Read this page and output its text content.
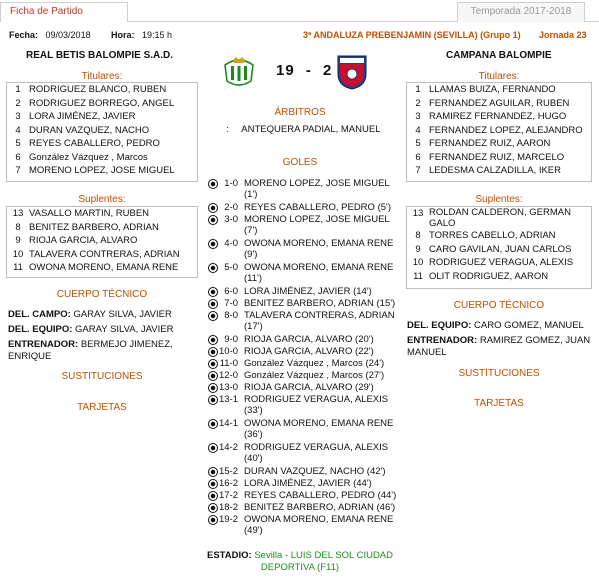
Ficha de Partido	Temporada 2017-2018
Fecha: 09/03/2018 Hora: 19:15 h	3ª ANDALUZA PREBENJAMIN (SEVILLA) (Grupo 1) Jornada 23
REAL BETIS BALOMPIE S.A.D.	CAMPANA BALOMPIE
19 - 2
Titulares:
1 RODRIGUEZ BLANCO, RUBEN
2 RODRIGUEZ BORREGO, ANGEL
3 LORA JIMÉNEZ, JAVIER
4 DURAN VAZQUEZ, NACHO
5 REYES CABALLERO, PEDRO
6 González Vázquez , Marcos
7 MORENO LOPEZ, JOSE MIGUEL
Suplentes:
13 VASALLO MARTIN, RUBEN
8 BENITEZ BARBERO, ADRIAN
9 RIOJA GARCIA, ALVARO
10 TALAVERA CONTRERAS, ADRIAN
11 OWONA MORENO, EMANA RENE
CUERPO TÉCNICO
DEL. CAMPO: GARAY SILVA, JAVIER
DEL. EQUIPO: GARAY SILVA, JAVIER
ENTRENADOR: BERMEJO JIMENEZ, ENRIQUE
SUSTITUCIONES
TARJETAS
ÁRBITROS
: ANTEQUERA PADIAL, MANUEL
GOLES
1-0 MORENO LOPEZ, JOSE MIGUEL
(1')
2-0 REYES CABALLERO, PEDRO (5')
3-0 MORENO LOPEZ, JOSE MIGUEL
(7')
4-0 OWONA MORENO, EMANA RENE
(9')
5-0 OWONA MORENO, EMANA RENE
(11')
6-0 LORA JIMÉNEZ, JAVIER (14')
7-0 BENITEZ BARBERO, ADRIAN (15')
8-0 TALAVERA CONTRERAS, ADRIAN
(17')
9-0 RIOJA GARCIA, ALVARO (20')
10-0 RIOJA GARCIA, ALVARO (22')
11-0 González Vázquez , Marcos (24')
12-0 González Vázquez , Marcos (27')
13-0 RIOJA GARCIA, ALVARO (29')
13-1 RODRIGUEZ VERAGUA, ALEXIS
(33')
14-1 OWONA MORENO, EMANA RENE
(36')
14-2 RODRIGUEZ VERAGUA, ALEXIS
(40')
15-2 DURAN VAZQUEZ, NACHO (42')
16-2 LORA JIMÉNEZ, JAVIER (44')
17-2 REYES CABALLERO, PEDRO (44')
18-2 BENITEZ BARBERO, ADRIAN (46')
19-2 OWONA MORENO, EMANA RENE
(49')
Titulares:
1 LLAMAS BUIZA, FERNANDO
2 FERNANDEZ AGUILAR, RUBEN
3 RAMIREZ FERNANDEZ, HUGO
4 FERNANDEZ LOPEZ, ALEJANDRO
5 FERNANDEZ RUIZ, AARON
6 FERNANDEZ RUIZ, MARCELO
7 LEDESMA CALZADILLA, IKER
Suplentes:
13 ROLDAN CALDERON, GERMAN GALO
8 TORRES CABELLO, ADRIAN
9 CARO GAVILAN, JUAN CARLOS
10 RODRIGUEZ VERAGUA, ALEXIS
11 OLIT RODRIGUEZ, AARON
CUERPO TÉCNICO
DEL. EQUIPO: CARO GOMEZ, MANUEL
ENTRENADOR: RAMIREZ GOMEZ, JUAN MANUEL
SUSTITUCIONES
TARJETAS
ESTADIO: Sevilla - LUIS DEL SOL CIUDAD
DEPORTIVA (F11)
